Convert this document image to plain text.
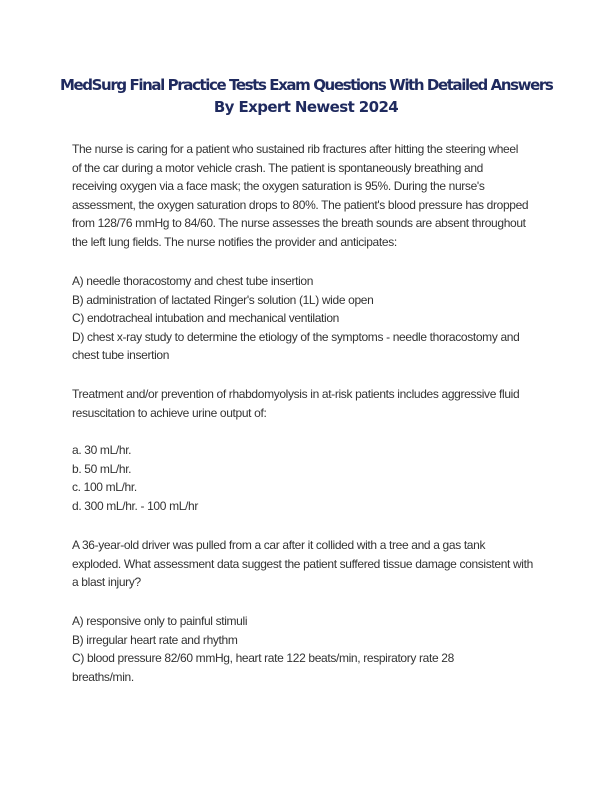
MedSurg Final Practice Tests Exam Questions With Detailed Answers
By Expert Newest 2024
The nurse is caring for a patient who sustained rib fractures after hitting the steering wheel
of the car during a motor vehicle crash. The patient is spontaneously breathing and
receiving oxygen via a face mask; the oxygen saturation is 95%. During the nurse's
assessment, the oxygen saturation drops to 80%. The patient's blood pressure has dropped
from 128/76 mmHg to 84/60. The nurse assesses the breath sounds are absent throughout
the left lung fields. The nurse notifies the provider and anticipates:
A) needle thoracostomy and chest tube insertion
B) administration of lactated Ringer's solution (1L) wide open
C) endotracheal intubation and mechanical ventilation
D) chest x-ray study to determine the etiology of the symptoms - needle thoracostomy and
chest tube insertion
Treatment and/or prevention of rhabdomyolysis in at-risk patients includes aggressive fluid
resuscitation to achieve urine output of:
a. 30 mL/hr.
b. 50 mL/hr.
c. 100 mL/hr.
d. 300 mL/hr. - 100 mL/hr
A 36-year-old driver was pulled from a car after it collided with a tree and a gas tank
exploded. What assessment data suggest the patient suffered tissue damage consistent with
a blast injury?
A) responsive only to painful stimuli
B) irregular heart rate and rhythm
C) blood pressure 82/60 mmHg, heart rate 122 beats/min, respiratory rate 28
breaths/min.
